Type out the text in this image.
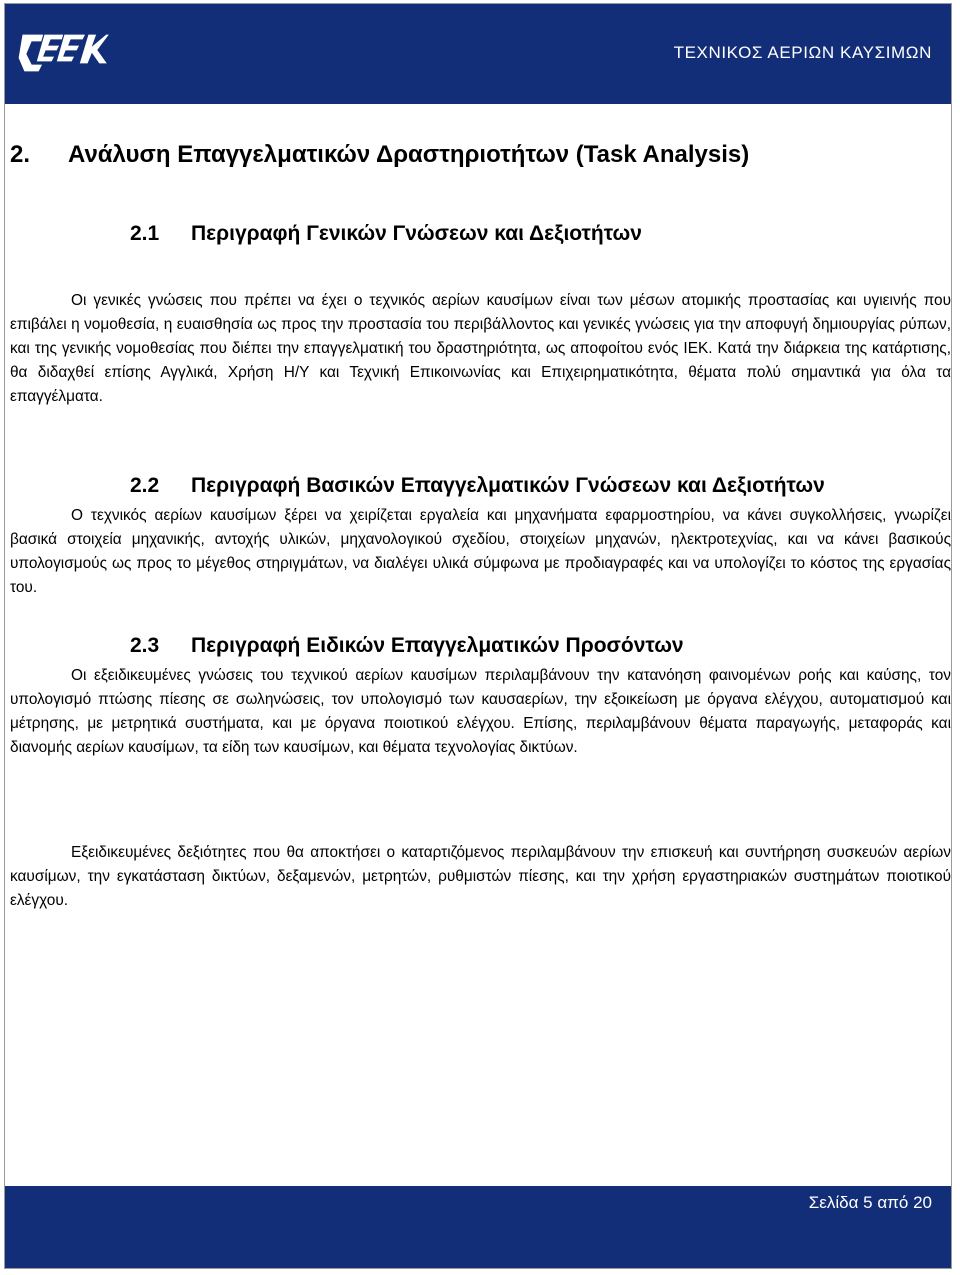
CEEK
ΤΕΧΝΙΚΟΣ ΑΕΡΙΩΝ ΚΑΥΣΙΜΩΝ
2. Ανάλυση Επαγγελματικών Δραστηριοτήτων (Task Analysis)
2.1 Περιγραφή Γενικών Γνώσεων και Δεξιοτήτων
Οι γενικές γνώσεις που πρέπει να έχει ο τεχνικός αερίων καυσίμων είναι των μέσων ατομικής προστασίας και υγιεινής που επιβάλει η νομοθεσία, η ευαισθησία ως προς την προστασία του περιβάλλοντος και γενικές γνώσεις για την αποφυγή δημιουργίας ρύπων, και της γενικής νομοθεσίας που διέπει την επαγγελματική του δραστηριότητα, ως αποφοίτου ενός ΙΕΚ. Κατά την διάρκεια της κατάρτισης, θα διδαχθεί επίσης Αγγλικά, Χρήση Η/Υ και Τεχνική Επικοινωνίας και Επιχειρηματικότητα, θέματα πολύ σημαντικά για όλα τα επαγγέλματα.
2.2 Περιγραφή Βασικών Επαγγελματικών Γνώσεων και Δεξιοτήτων
Ο τεχνικός αερίων καυσίμων ξέρει να χειρίζεται εργαλεία και μηχανήματα εφαρμοστηρίου, να κάνει συγκολλήσεις, γνωρίζει βασικά στοιχεία μηχανικής, αντοχής υλικών, μηχανολογικού σχεδίου, στοιχείων μηχανών, ηλεκτροτεχνίας, και να κάνει βασικούς υπολογισμούς ως προς το μέγεθος στηριγμάτων, να διαλέγει υλικά σύμφωνα με προδιαγραφές και να υπολογίζει το κόστος της εργασίας του.
2.3 Περιγραφή Ειδικών Επαγγελματικών Προσόντων
Οι εξειδικευμένες γνώσεις του τεχνικού αερίων καυσίμων περιλαμβάνουν την κατανόηση φαινομένων ροής και καύσης, τον υπολογισμό πτώσης πίεσης σε σωληνώσεις, τον υπολογισμό των καυσαερίων, την εξοικείωση με όργανα ελέγχου, αυτοματισμού και μέτρησης, με μετρητικά συστήματα, και με όργανα ποιοτικού ελέγχου. Επίσης, περιλαμβάνουν θέματα παραγωγής, μεταφοράς και διανομής αερίων καυσίμων, τα είδη των καυσίμων, και θέματα τεχνολογίας δικτύων.
Εξειδικευμένες δεξιότητες που θα αποκτήσει ο καταρτιζόμενος περιλαμβάνουν την επισκευή και συντήρηση συσκευών αερίων καυσίμων, την εγκατάσταση δικτύων, δεξαμενών, μετρητών, ρυθμιστών πίεσης, και την χρήση εργαστηριακών συστημάτων ποιοτικού ελέγχου.
Σελίδα 5 από 20
